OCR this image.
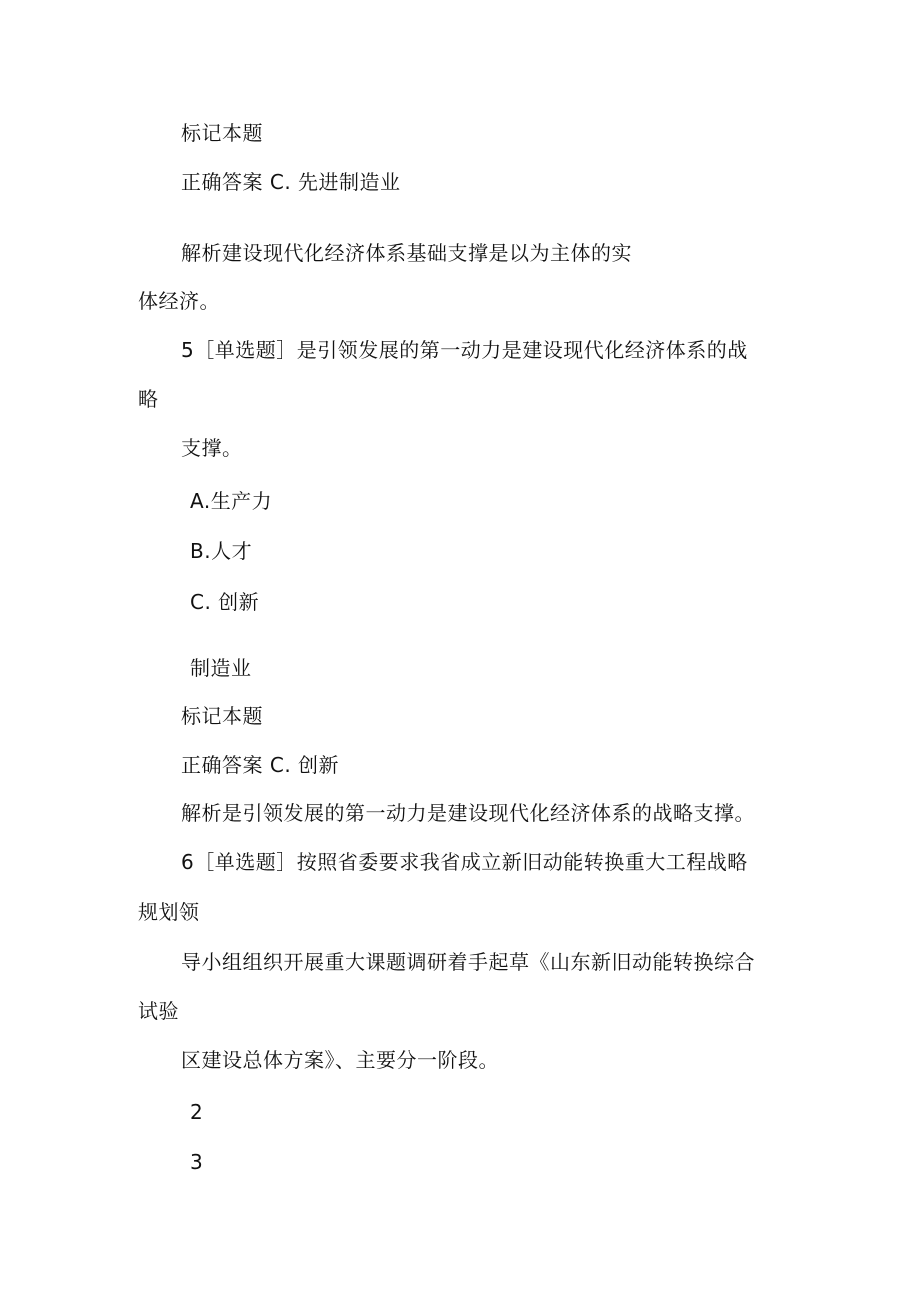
标记本题
正确答案 C. 先进制造业
解析建设现代化经济体系基础支撑是以为主体的实
体经济。
5［单选题］是引领发展的第一动力是建设现代化经济体系的战
略
支撑。
A.生产力
B.人才
C. 创新
制造业
标记本题
正确答案 C. 创新
解析是引领发展的第一动力是建设现代化经济体系的战略支撑。
6［单选题］按照省委要求我省成立新旧动能转换重大工程战略
规划领
导小组组织开展重大课题调研着手起草《山东新旧动能转换综合
试验
区建设总体方案》、主要分一阶段。
2
3
